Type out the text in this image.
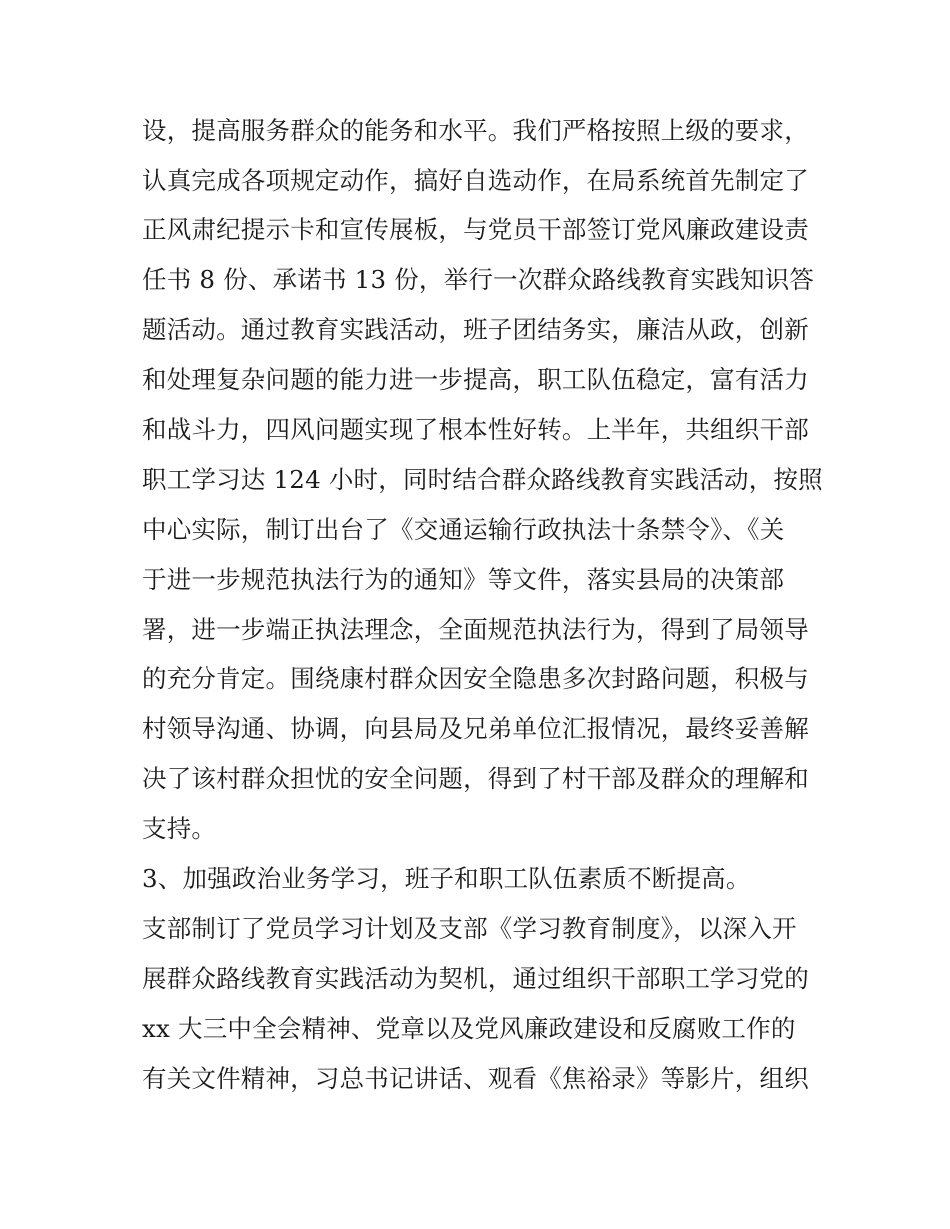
设，提高服务群众的能务和水平。我们严格按照上级的要求，
认真完成各项规定动作，搞好自选动作，在局系统首先制定了
正风肃纪提示卡和宣传展板，与党员干部签订党风廉政建设责
任书 8 份、承诺书 13 份，举行一次群众路线教育实践知识答
题活动。通过教育实践活动，班子团结务实，廉洁从政，创新
和处理复杂问题的能力进一步提高，职工队伍稳定，富有活力
和战斗力，四风问题实现了根本性好转。上半年，共组织干部
职工学习达 124 小时，同时结合群众路线教育实践活动，按照
中心实际，制订出台了《交通运输行政执法十条禁令》、《关
于进一步规范执法行为的通知》等文件，落实县局的决策部
署，进一步端正执法理念，全面规范执法行为，得到了局领导
的充分肯定。围绕康村群众因安全隐患多次封路问题，积极与
村领导沟通、协调，向县局及兄弟单位汇报情况，最终妥善解
决了该村群众担忧的安全问题，得到了村干部及群众的理解和
支持。
3、加强政治业务学习，班子和职工队伍素质不断提高。
支部制订了党员学习计划及支部《学习教育制度》，以深入开
展群众路线教育实践活动为契机，通过组织干部职工学习党的
xx 大三中全会精神、党章以及党风廉政建设和反腐败工作的
有关文件精神，习总书记讲话、观看《焦裕录》等影片，组织
